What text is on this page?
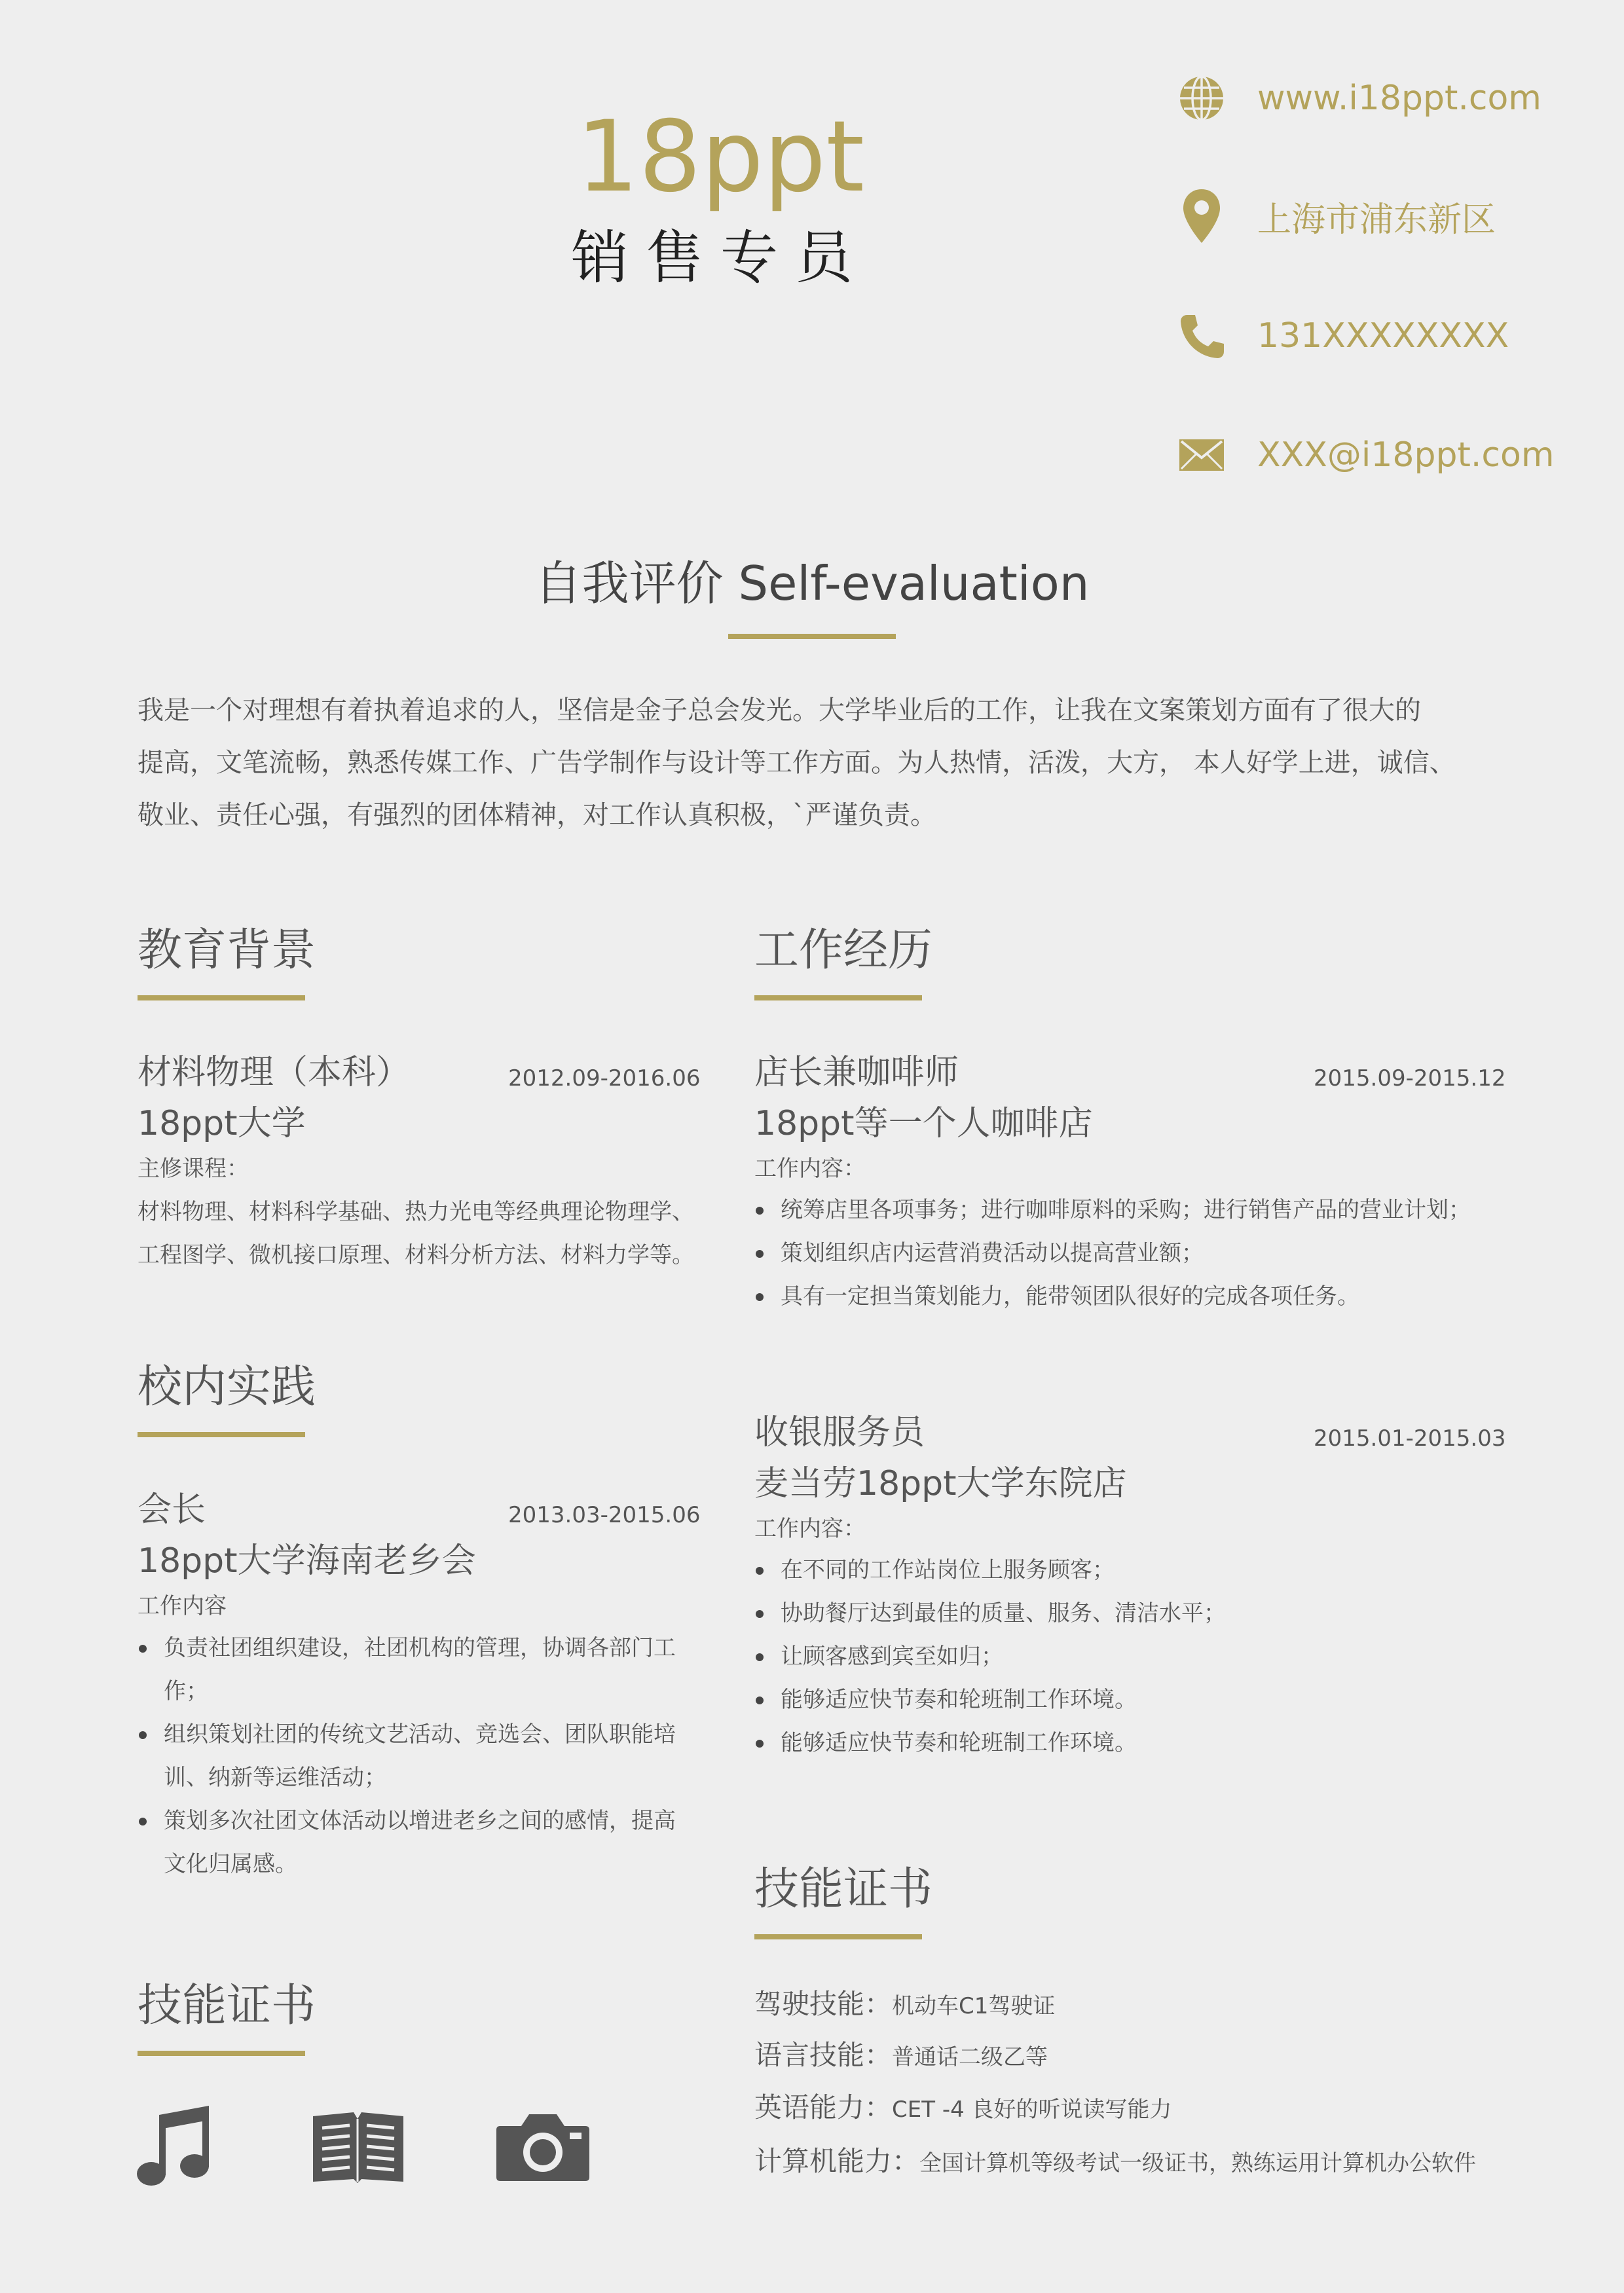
18ppt
销售专员
www.i18ppt.com
上海市浦东新区
131XXXXXXXX
XXX@i18ppt.com
自我评价 Self-evaluation
我是一个对理想有着执着追求的人，坚信是金子总会发光。大学毕业后的工作，让我在文案策划方面有了很大的
提高，文笔流畅，熟悉传媒工作、广告学制作与设计等工作方面。为人热情，活泼，大方， 本人好学上进，诚信、
敬业、责任心强，有强烈的团体精神，对工作认真积极，`严谨负责。
教育背景
材料物理（本科）	2012.09-2016.06
18ppt大学
主修课程：
材料物理、材料科学基础、热力光电等经典理论物理学、
工程图学、微机接口原理、材料分析方法、材料力学等。
校内实践
会长	2013.03-2015.06
18ppt大学海南老乡会
工作内容
负责社团组织建设，社团机构的管理，协调各部门工
作；
组织策划社团的传统文艺活动、竞选会、团队职能培
训、纳新等运维活动；
策划多次社团文体活动以增进老乡之间的感情，提高
文化归属感。
技能证书
工作经历
店长兼咖啡师	2015.09-2015.12
18ppt等一个人咖啡店
工作内容：
统筹店里各项事务；进行咖啡原料的采购；进行销售产品的营业计划；
策划组织店内运营消费活动以提高营业额；
具有一定担当策划能力，能带领团队很好的完成各项任务。
收银服务员	2015.01-2015.03
麦当劳18ppt大学东院店
工作内容：
在不同的工作站岗位上服务顾客；
协助餐厅达到最佳的质量、服务、清洁水平；
让顾客感到宾至如归；
能够适应快节奏和轮班制工作环境。
能够适应快节奏和轮班制工作环境。
技能证书
驾驶技能：机动车C1驾驶证
语言技能：普通话二级乙等
英语能力：CET -4 良好的听说读写能力
计算机能力：全国计算机等级考试一级证书，熟练运用计算机办公软件
